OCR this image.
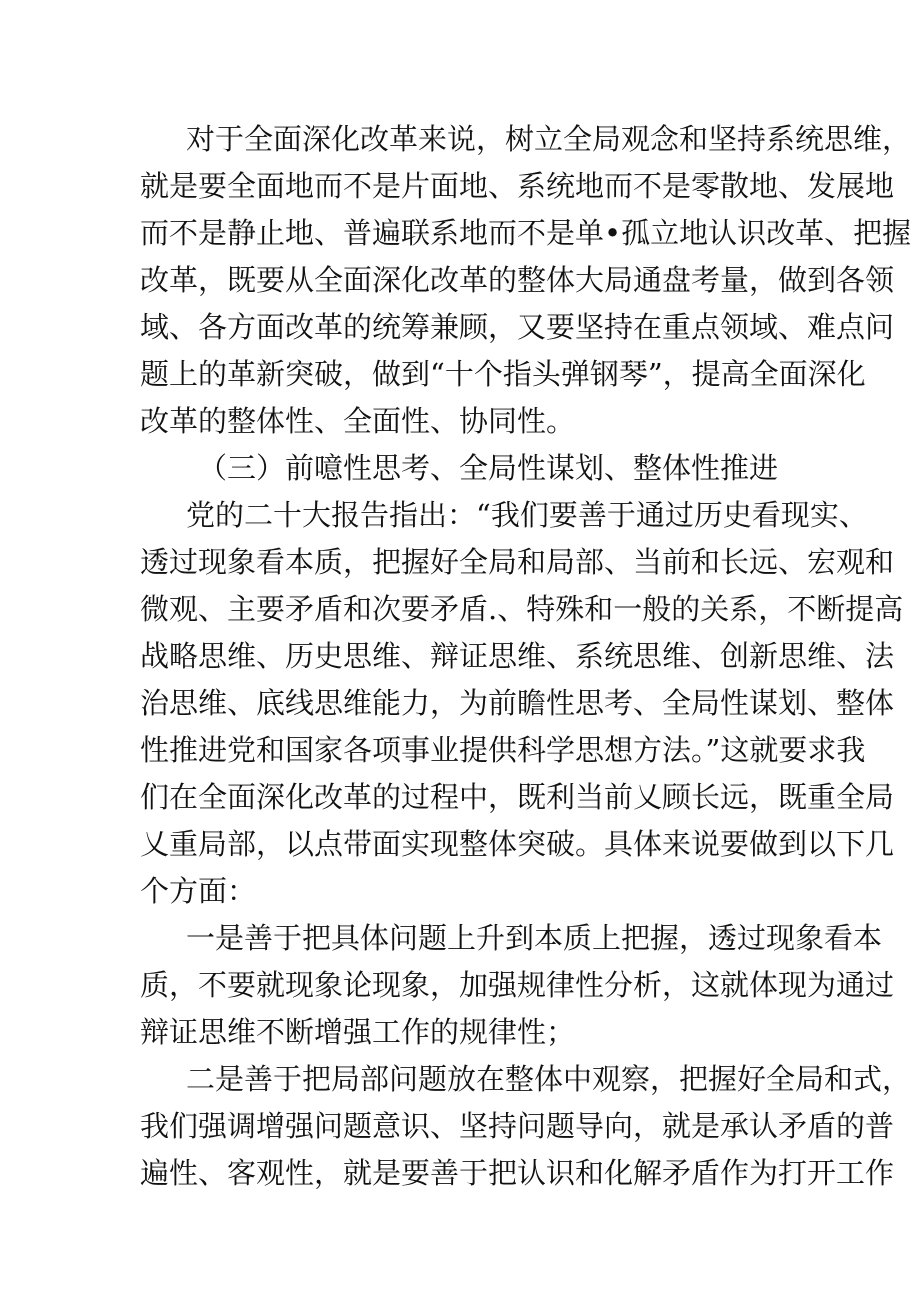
对于全面深化改革来说，树立全局观念和坚持系统思维，
就是要全面地而不是片面地、系统地而不是零散地、发展地
而不是静止地、普遍联系地而不是单•孤立地认识改革、把握
改革，既要从全面深化改革的整体大局通盘考量，做到各领
域、各方面改革的统筹兼顾，又要坚持在重点领域、难点问
题上的革新突破，做到“十个指头弹钢琴”，提高全面深化
改革的整体性、全面性、协同性。
（三）前噫性思考、全局性谋划、整体性推进
党的二十大报告指出：“我们要善于通过历史看现实、
透过现象看本质，把握好全局和局部、当前和长远、宏观和
微观、主要矛盾和次要矛盾.、特殊和一般的关系，不断提高
战略思维、历史思维、辩证思维、系统思维、创新思维、法
治思维、底线思维能力，为前瞻性思考、全局性谋划、整体
性推进党和国家各项事业提供科学思想方法。”这就要求我
们在全面深化改革的过程中，既利当前乂顾长远，既重全局
乂重局部，以点带面实现整体突破。具体来说要做到以下几
个方面：
一是善于把具体问题上升到本质上把握，透过现象看本
质，不要就现象论现象，加强规律性分析，这就体现为通过
辩证思维不断增强工作的规律性；
二是善于把局部问题放在整体中观察，把握好全局和式，
我们强调增强问题意识、坚持问题导向，就是承认矛盾的普
遍性、客观性，就是要善于把认识和化解矛盾作为打开工作
